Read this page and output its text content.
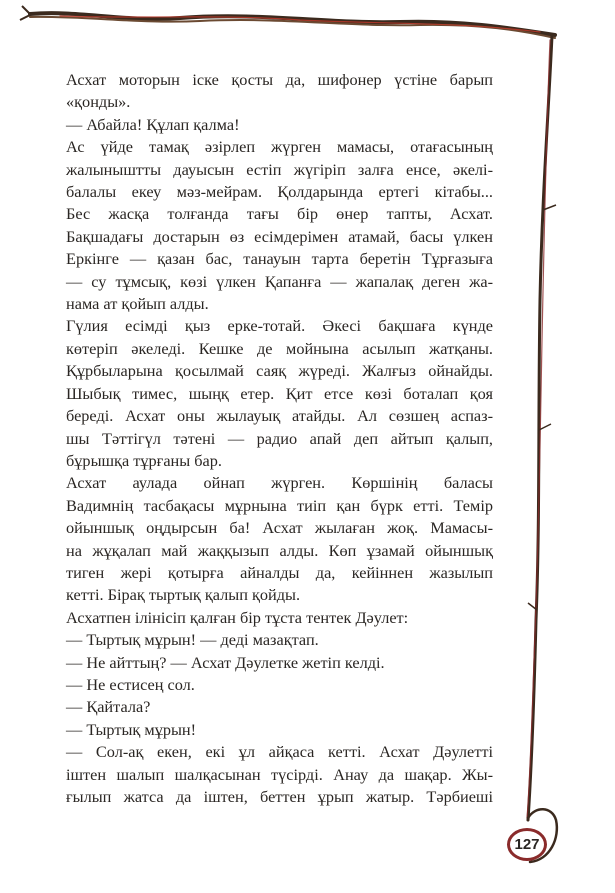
Асхат моторын іске қосты да, шифонер үстіне барып
«қонды».
— Абайла! Құлап қалма!
Ас үйде тамақ әзірлеп жүрген мамасы, отағасының
жалыныштты дауысын естіп жүгіріп залға енсе, әкелі-
балалы екеу мәз-мейрам. Қолдарында ертегі кітабы...
Бес жасқа толғанда тағы бір өнер тапты, Асхат.
Бақшадағы достарын өз есімдерімен атамай, басы үлкен
Еркінге — қазан бас, танауын тарта беретін Тұрғазыға
— су тұмсық, көзі үлкен Қапанға — жапалақ деген жа-
нама ат қойып алды.
Гүлия есімді қыз ерке-тотай. Әкесі бақшаға күнде
көтеріп әкеледі. Кешке де мойнына асылып жатқаны.
Құрбыларына қосылмай саяқ жүреді. Жалғыз ойнайды.
Шыбық тимес, шыңқ етер. Қит етсе көзі боталап қоя
береді. Асхат оны жылауық атайды. Ал сөзшең аспаз-
шы Тәттігүл тәтені — радио апай деп айтып қалып,
бұрышқа тұрғаны бар.
Асхат аулада ойнап жүрген. Көршінің баласы
Вадимнің тасбақасы мұрнына тиіп қан бүрк етті. Темір
ойыншық оңдырсын ба! Асхат жылаған жоқ. Мамасы-
на жұқалап май жаққызып алды. Көп ұзамай ойыншық
тиген жері қотырға айналды да, кейіннен жазылып
кетті. Бірақ тыртық қалып қойды.
Асхатпен ілінісіп қалған бір тұста тентек Дәулет:
— Тыртық мұрын! — деді мазақтап.
— Не айттың? — Асхат Дәулетке жетіп келді.
— Не естисең сол.
— Қайтала?
— Тыртық мұрын!
— Сол-ақ екен, екі ұл айқаса кетті. Асхат Дәулетті
іштен шалып шалқасынан түсірді. Анау да шақар. Жы-
ғылып жатса да іштен, беттен ұрып жатыр. Тәрбиеші
127
